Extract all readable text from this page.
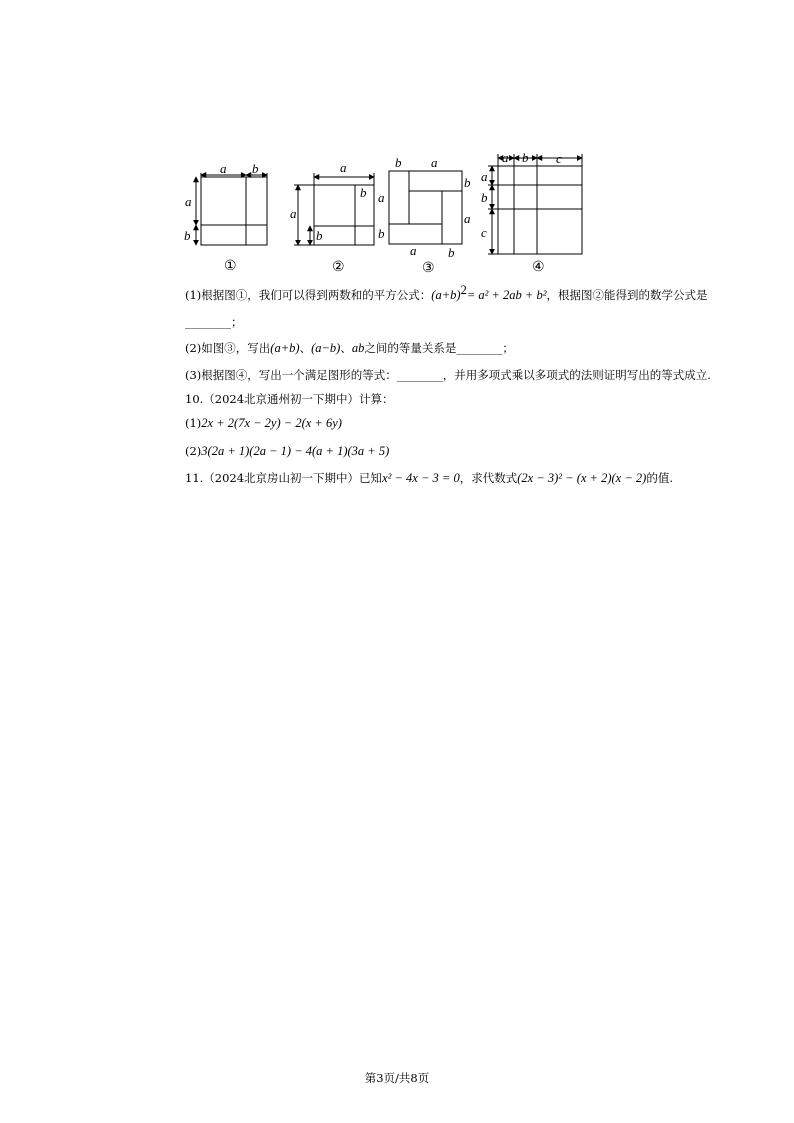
a b
a
b
①
a
b
a
b
②
b a
b
a
a
b
a b
③
a b c
a
b
c
④
(1)根据图①，我们可以得到两数和的平方公式：$(a+b)^2= a^2 + 2ab + b^2$，根据图②能得到的数学公式是
________；
(2)如图③，写出(a+b)、(a−b)、ab之间的等量关系是________；
(3)根据图④，写出一个满足图形的等式：________，并用多项式乘以多项式的法则证明写出的等式成立.
10.（2024北京通州初一下期中）计算：
(1)2x + 2(7x − 2y) − 2(x + 6y)
(2)3(2a + 1)(2a − 1) − 4(a + 1)(3a + 5)
11.（2024北京房山初一下期中）已知x² − 4x − 3 = 0，求代数式(2x − 3)² − (x + 2)(x − 2)的值.
第3页/共8页
